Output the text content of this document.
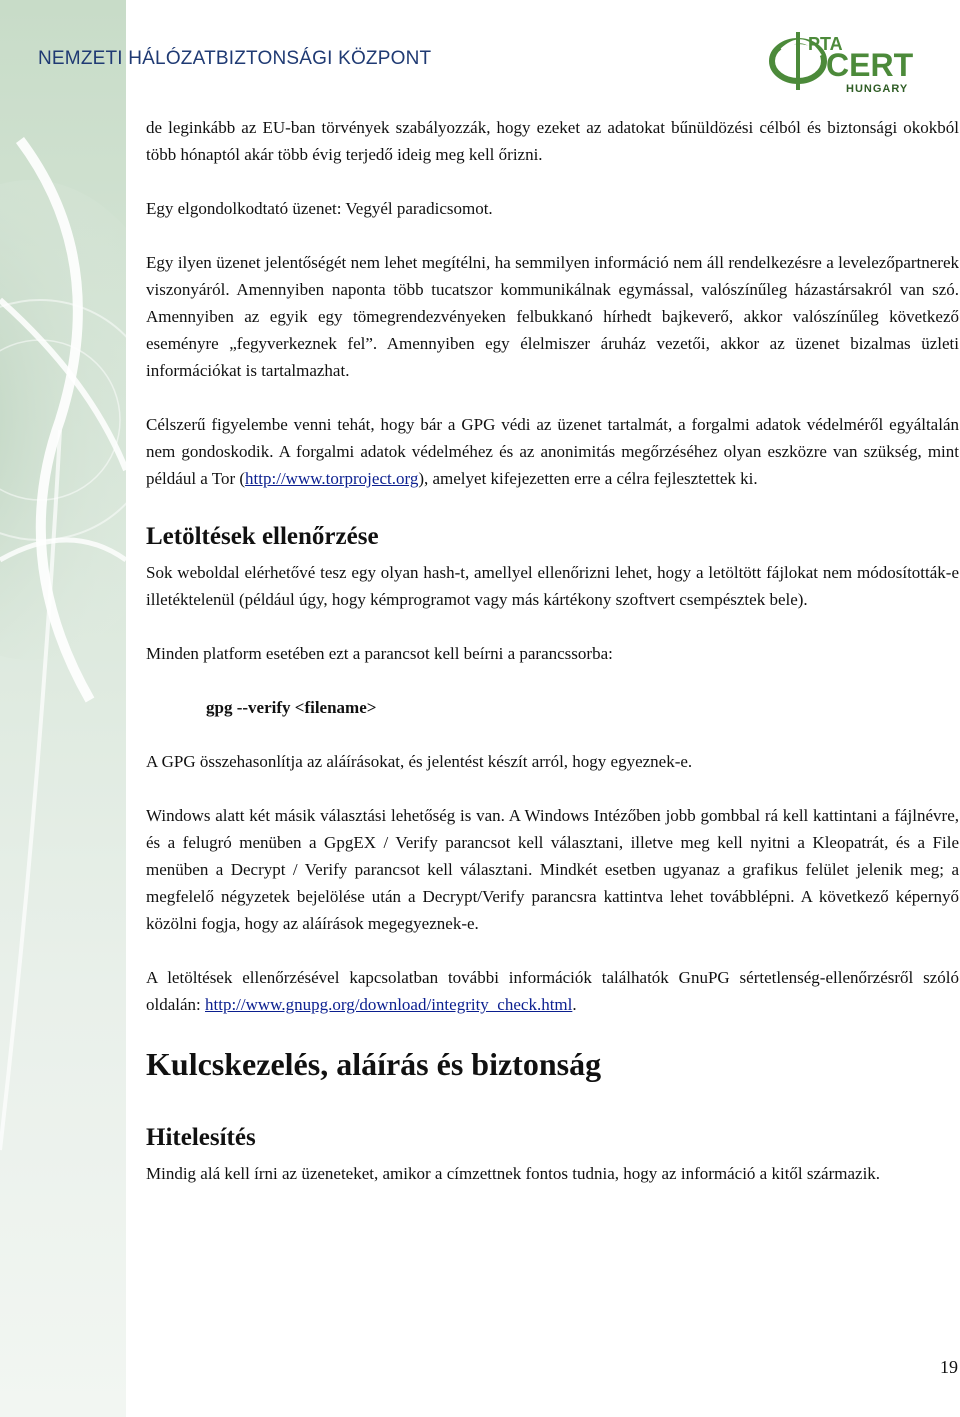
NEMZETI HÁLÓZATBIZTONSÁGI KÖZPONT
PTA
CERT
HUNGARY

de leginkább az EU-ban törvények szabályozzák, hogy ezeket az adatokat bűnüldözési célból és biztonsági okokból több hónaptól akár több évig terjedő ideig meg kell őrizni.

Egy elgondolkodtató üzenet: Vegyél paradicsomot.

Egy ilyen üzenet jelentőségét nem lehet megítélni, ha semmilyen információ nem áll rendelkezésre a levelezőpartnerek viszonyáról. Amennyiben naponta több tucatszor kommunikálnak egymással, valószínűleg házastársakról van szó. Amennyiben az egyik egy tömegrendezvényeken felbukkanó hírhedt bajkeverő, akkor valószínűleg következő eseményre „fegyverkeznek fel”. Amennyiben egy élelmiszer áruház vezetői, akkor az üzenet bizalmas üzleti információkat is tartalmazhat.

Célszerű figyelembe venni tehát, hogy bár a GPG védi az üzenet tartalmát, a forgalmi adatok védelméről egyáltalán nem gondoskodik. A forgalmi adatok védelméhez és az anonimitás megőrzéséhez olyan eszközre van szükség, mint például a Tor (http://www.torproject.org), amelyet kifejezetten erre a célra fejlesztettek ki.

Letöltések ellenőrzése

Sok weboldal elérhetővé tesz egy olyan hash-t, amellyel ellenőrizni lehet, hogy a letöltött fájlokat nem módosították-e illetéktelenül (például úgy, hogy kémprogramot vagy más kártékony szoftvert csempésztek bele).

Minden platform esetében ezt a parancsot kell beírni a parancssorba:

gpg --verify <filename>

A GPG összehasonlítja az aláírásokat, és jelentést készít arról, hogy egyeznek-e.

Windows alatt két másik választási lehetőség is van. A Windows Intézőben jobb gombbal rá kell kattintani a fájlnévre, és a felugró menüben a GpgEX / Verify parancsot kell választani, illetve meg kell nyitni a Kleopatrát, és a File menüben a Decrypt / Verify parancsot kell választani. Mindkét esetben ugyanaz a grafikus felület jelenik meg; a megfelelő négyzetek bejelölése után a Decrypt/Verify parancsra kattintva lehet továbblépni. A következő képernyő közölni fogja, hogy az aláírások megegyeznek-e.

A letöltések ellenőrzésével kapcsolatban további információk találhatók GnuPG sértetlenség-ellenőrzésről szóló oldalán: http://www.gnupg.org/download/integrity_check.html.

Kulcskezelés, aláírás és biztonság

Hitelesítés

Mindig alá kell írni az üzeneteket, amikor a címzettnek fontos tudnia, hogy az információ a kitől származik.

19
